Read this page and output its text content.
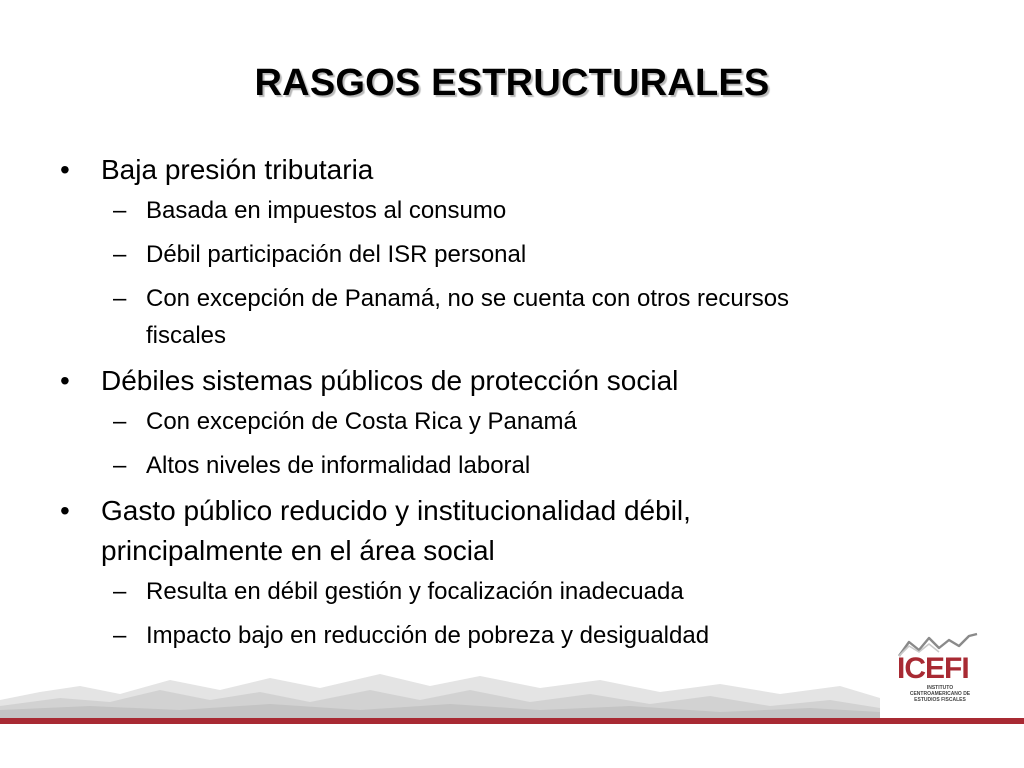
RASGOS ESTRUCTURALES
•	Baja presión tributaria
– Basada en impuestos al consumo
– Débil participación del ISR personal
– Con excepción de Panamá, no se cuenta con otros recursos fiscales
•	Débiles sistemas públicos de protección social
– Con excepción de Costa Rica y Panamá
– Altos niveles de informalidad laboral
•	Gasto público reducido y institucionalidad débil, principalmente en el área social
– Resulta en débil gestión y focalización inadecuada
– Impacto bajo en reducción de pobreza y desigualdad
ICEFI
INSTITUTO CENTROAMERICANO DE ESTUDIOS FISCALES
